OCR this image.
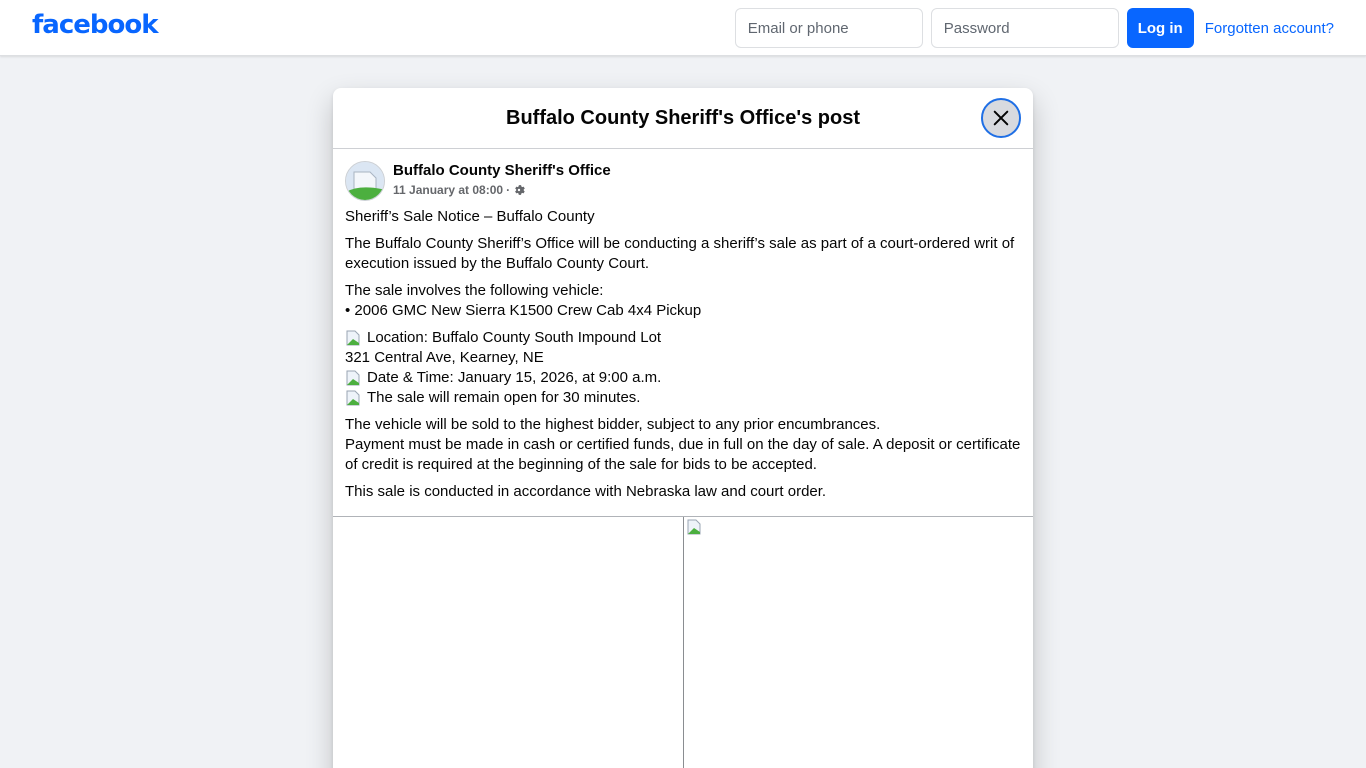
facebook
Email or phone	Log in	Forgotten account?
Buffalo County Sheriff's Office's post
Buffalo County Sheriff's Office
11 January at 08:00 ·

Sheriff’s Sale Notice – Buffalo County

The Buffalo County Sheriff’s Office will be conducting a sheriff’s sale as part of a court-ordered writ of execution issued by the Buffalo County Court.

The sale involves the following vehicle:
• 2006 GMC New Sierra K1500 Crew Cab 4x4 Pickup

Location: Buffalo County South Impound Lot
321 Central Ave, Kearney, NE
Date & Time: January 15, 2026, at 9:00 a.m.
The sale will remain open for 30 minutes.

The vehicle will be sold to the highest bidder, subject to any prior encumbrances.
Payment must be made in cash or certified funds, due in full on the day of sale. A deposit or certificate of credit is required at the beginning of the sale for bids to be accepted.

This sale is conducted in accordance with Nebraska law and court order.
